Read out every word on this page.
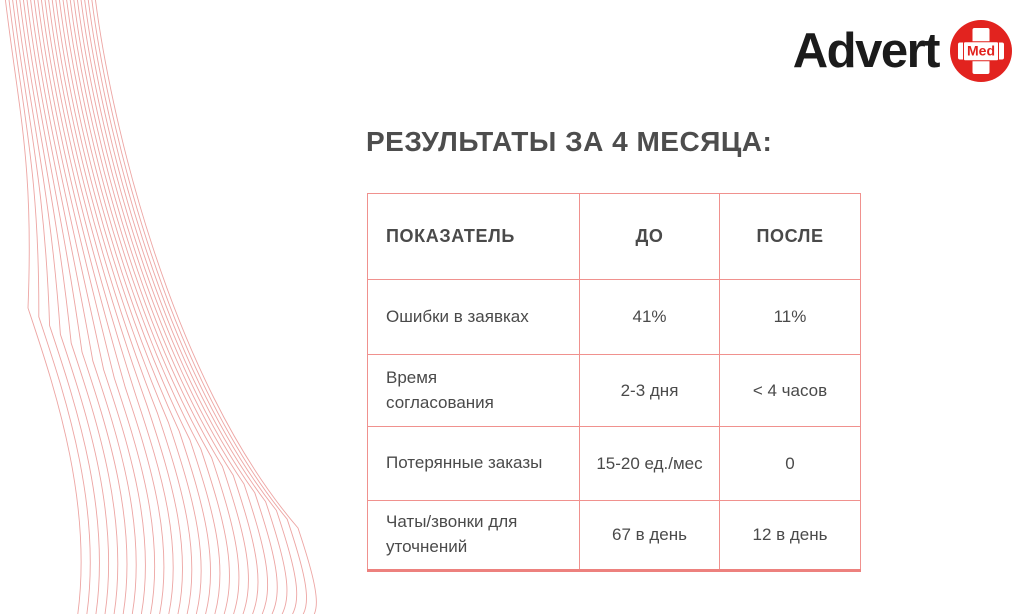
Advert Med
РЕЗУЛЬТАТЫ ЗА 4 МЕСЯЦА:
ПОКАЗАТЕЛЬ	ДО	ПОСЛЕ

Ошибки в заявках	41%	11%

Время согласования	2-3 дня	< 4 часов

Потерянные заказы	15-20 ед./мес	0

Чаты/звонки для уточнений	67 в день	12 в день
